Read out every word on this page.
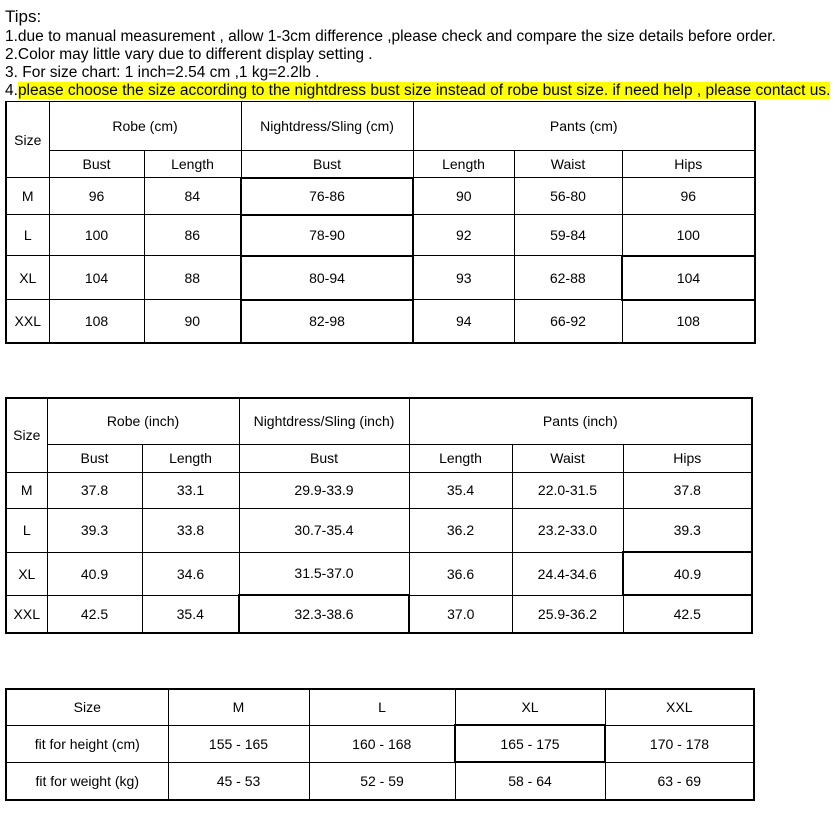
Tips:
1.due to manual measurement , allow 1-3cm difference ,please check and compare the size details before order.
2.Color may little vary due to different display setting .
3. For size chart: 1 inch=2.54 cm ,1 kg=2.2lb .
4.please choose the size according to the nightdress bust size instead of robe bust size. if need help , please contact us.
Size	Robe (cm)		Nightdress/Sling (cm)	Pants (cm)		
	Bust	Length	Bust	Length	Waist	Hips
M	96	84	76-86	90	56-80	96
L	100	86	78-90	92	59-84	100
XL	104	88	80-94	93	62-88	104
XXL	108	90	82-98	94	66-92	108
Size	Robe (inch)		Nightdress/Sling (inch)	Pants (inch)		
	Bust	Length	Bust	Length	Waist	Hips
M	37.8	33.1	29.9-33.9	35.4	22.0-31.5	37.8
L	39.3	33.8	30.7-35.4	36.2	23.2-33.0	39.3
XL	40.9	34.6	31.5-37.0	36.6	24.4-34.6	40.9
XXL	42.5	35.4	32.3-38.6	37.0	25.9-36.2	42.5
Size	M	L	XL	XXL
fit for height (cm)	155 - 165	160 - 168	165 - 175	170 - 178
fit for weight (kg)	45 - 53	52 - 59	58 - 64	63 - 69
